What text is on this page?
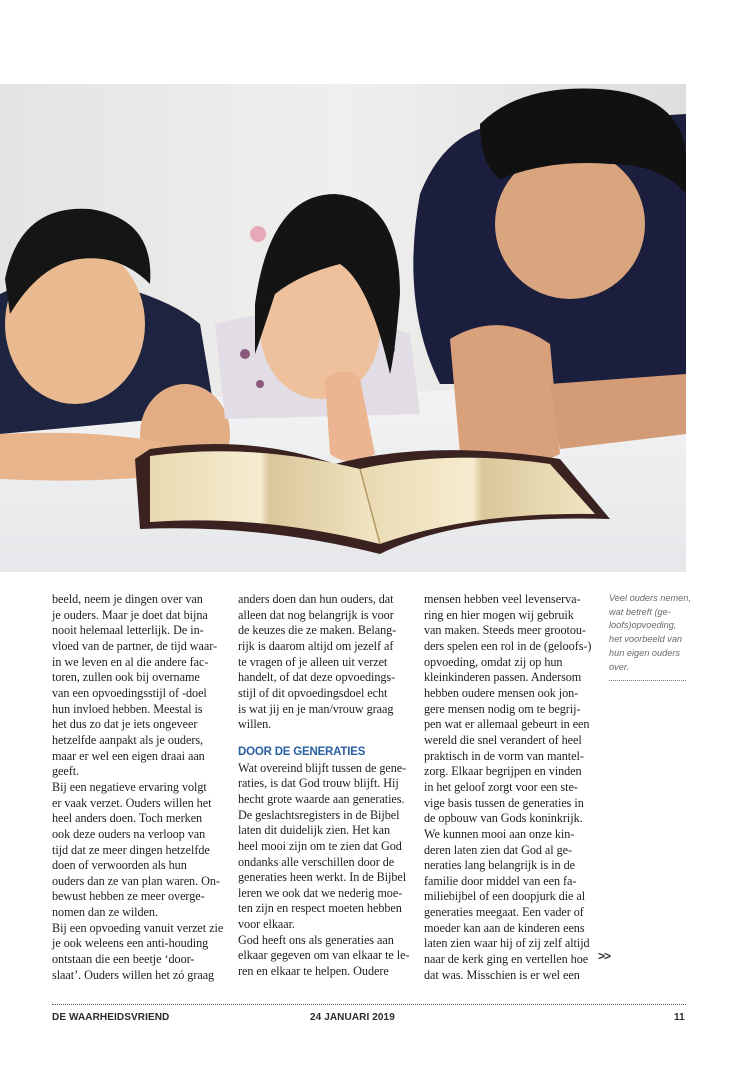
beeld, neem je dingen over van

je ouders. Maar je doet dat bijna

nooit helemaal letterlijk. De in-

vloed van de partner, de tijd waar-

in we leven en al die andere fac-

toren, zullen ook bij overname

van een opvoedingsstijl of -doel

hun invloed hebben. Meestal is

het dus zo dat je iets ongeveer

hetzelfde aanpakt als je ouders,

maar er wel een eigen draai aan

geeft.

Bij een negatieve ervaring volgt

er vaak verzet. Ouders willen het

heel anders doen. Toch merken

ook deze ouders na verloop van

tijd dat ze meer dingen hetzelfde

doen of verwoorden als hun

ouders dan ze van plan waren. On-

bewust hebben ze meer overge-

nomen dan ze wilden.

Bij een opvoeding vanuit verzet zie

je ook weleens een anti-houding

ontstaan die een beetje ‘door-

slaat’. Ouders willen het zó graag

anders doen dan hun ouders, dat

alleen dat nog belangrijk is voor

de keuzes die ze maken. Belang-

rijk is daarom altijd om jezelf af

te vragen of je alleen uit verzet

handelt, of dat deze opvoedings-

stijl of dit opvoedingsdoel echt

is wat jij en je man/vrouw graag

willen.

DOOR DE GENERATIES

Wat overeind blijft tussen de gene-

raties, is dat God trouw blijft. Hij

hecht grote waarde aan generaties.

De geslachtsregisters in de Bijbel

laten dit duidelijk zien. Het kan

heel mooi zijn om te zien dat God

ondanks alle verschillen door de

generaties heen werkt. In de Bijbel

leren we ook dat we nederig moe-

ten zijn en respect moeten hebben

voor elkaar.

God heeft ons als generaties aan

elkaar gegeven om van elkaar te le-

ren en elkaar te helpen. Oudere

mensen hebben veel levenserva-

ring en hier mogen wij gebruik

van maken. Steeds meer grootou-

ders spelen een rol in de (geloofs-)

opvoeding, omdat zij op hun

kleinkinderen passen. Andersom

hebben oudere mensen ook jon-

gere mensen nodig om te begrij-

pen wat er allemaal gebeurt in een

wereld die snel verandert of heel

praktisch in de vorm van mantel-

zorg. Elkaar begrijpen en vinden

in het geloof zorgt voor een ste-

vige basis tussen de generaties in

de opbouw van Gods koninkrijk.

We kunnen mooi aan onze kin-

deren laten zien dat God al ge-

neraties lang belangrijk is in de

familie door middel van een fa-

miliebijbel of een doopjurk die al

generaties meegaat. Een vader of

moeder kan aan de kinderen eens

laten zien waar hij of zij zelf altijd

naar de kerk ging en vertellen hoe

dat was. Misschien is er wel een

Veel ouders nemen,

wat betreft (ge-

loofs)opvoeding,

het voorbeeld van

hun eigen ouders

over.

>>
DE WAARHEIDSVRIEND	24 JANUARI 2019	11
